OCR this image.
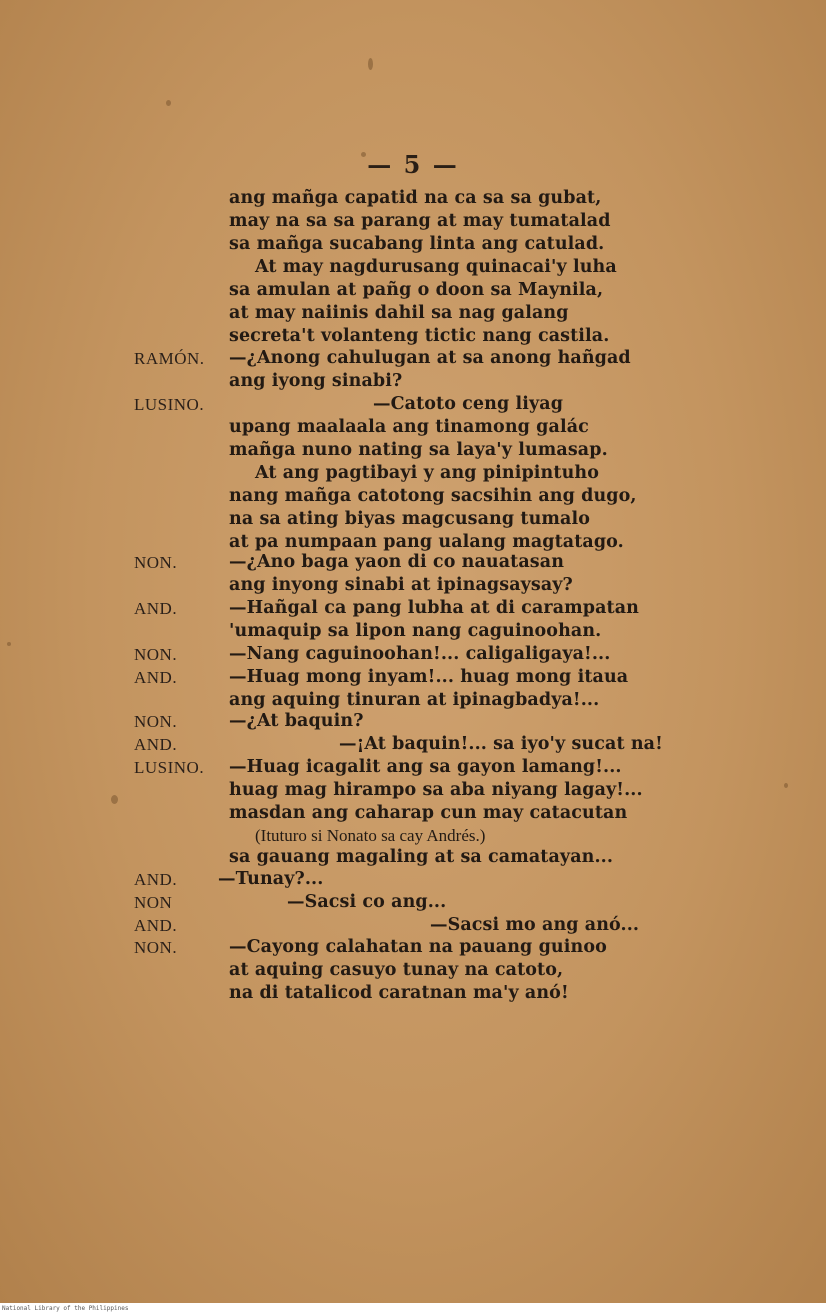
— 5 —
ang mañga capatid na ca sa sa gubat,
may na sa sa parang at may tumatalad
sa mañga sucabang linta ang catulad.
At may nagdurusang quinacai'y luha
sa amulan at pañg o doon sa Maynila,
at may naiinis dahil sa nag galang
secreta't volanteng tictic nang castila.
RAMÓN. —¿Anong cahulugan at sa anong hañgad
ang iyong sinabi?
LUSINO.	—Catoto ceng liyag
upang maalaala ang tinamong galác
mañga nuno nating sa laya'y lumasap.
At ang pagtibayi y ang pinipintuho
nang mañga catotong sacsihin ang dugo,
na sa ating biyas magcusang tumalo
at pa numpaan pang ualang magtatago.
NON.	—¿Ano baga yaon di co nauatasan
ang inyong sinabi at ipinagsaysay?
AND.	—Hañgal ca pang lubha at di carampatan
'umaquip sa lipon nang caguinoohan.
NON.	—Nang caguinoohan!... caligaligaya!...
AND.	—Huag mong inyam!... huag mong itaua
ang aquing tinuran at ipinagbadya!...
NON.	—¿At baquin?
AND.	—¡At baquin!... sa iyo'y sucat na!
LUSINO. —Huag icagalit ang sa gayon lamang!...
huag mag hirampo sa aba niyang lagay!...
masdan ang caharap cun may catacutan
(Ituturo si Nonato sa cay Andrés.)
sa gauang magaling at sa camatayan...
AND. —Tunay?...
NON	—Sacsi co ang...
AND.	—Sacsi mo ang anó...
NON.	—Cayong calahatan na pauang guinoo
at aquing casuyo tunay na catoto,
na di tatalicod caratnan ma'y anó!
National Library of the Philippines
